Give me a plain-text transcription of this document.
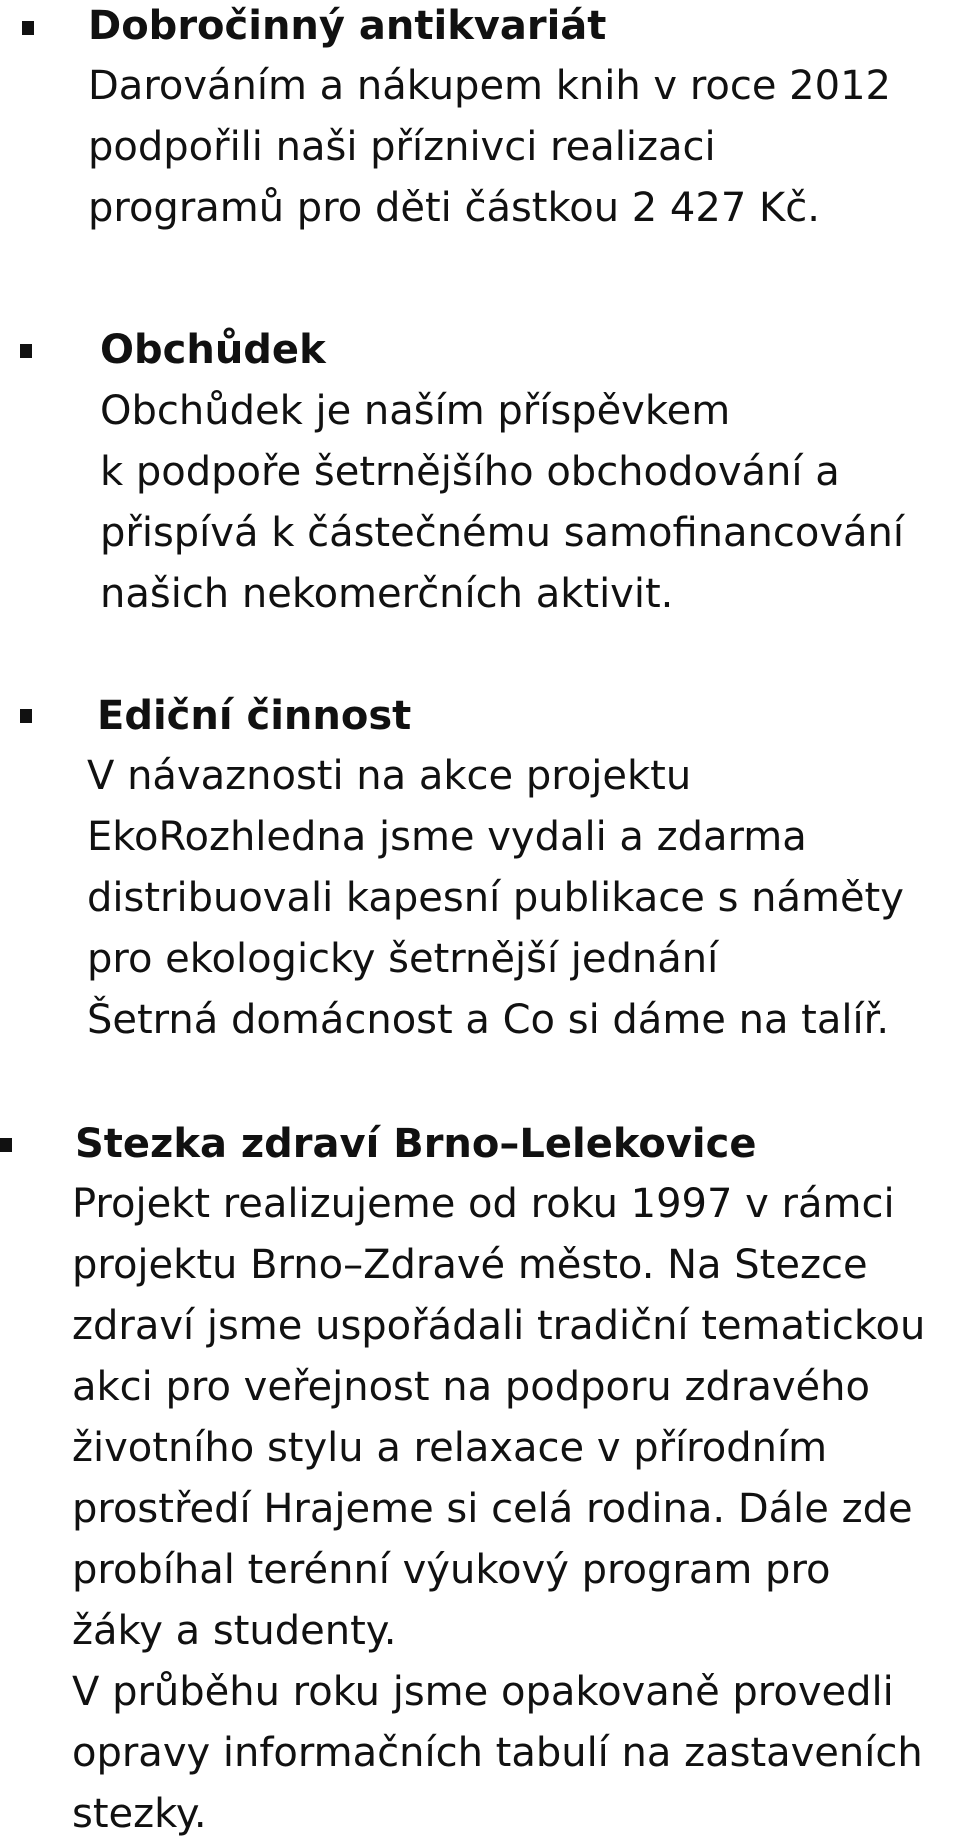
Dobročinný antikvariát
Darováním a nákupem knih v roce 2012
podpořili naši příznivci realizaci
programů pro děti částkou 2 427 Kč.
Obchůdek
Obchůdek je naším příspěvkem
k podpoře šetrnějšího obchodování a
přispívá k částečnému samofinancování
našich nekomerčních aktivit.
Ediční činnost
V návaznosti na akce projektu
EkoRozhledna jsme vydali a zdarma
distribuovali kapesní publikace s náměty
pro ekologicky šetrnější jednání
Šetrná domácnost a Co si dáme na talíř.
Stezka zdraví Brno–Lelekovice
Projekt realizujeme od roku 1997 v rámci
projektu Brno–Zdravé město. Na Stezce
zdraví jsme uspořádali tradiční tematickou
akci pro veřejnost na podporu zdravého
životního stylu a relaxace v přírodním
prostředí Hrajeme si celá rodina. Dále zde
probíhal terénní výukový program pro
žáky a studenty.
V průběhu roku jsme opakovaně provedli
opravy informačních tabulí na zastaveních
stezky.
